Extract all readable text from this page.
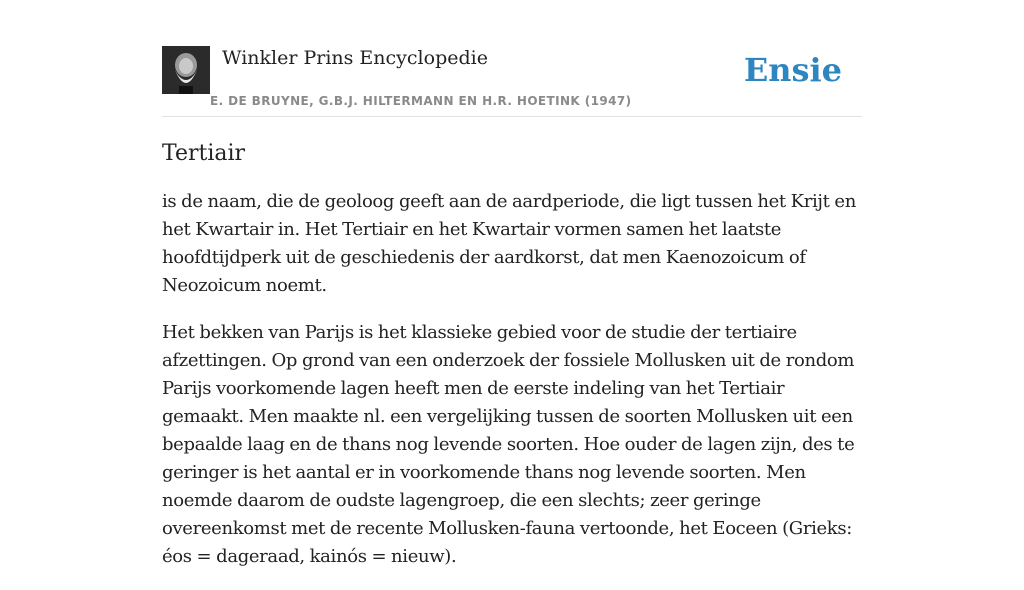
Winkler Prins Encyclopedie
E. DE BRUYNE, G.B.J. HILTERMANN EN H.R. HOETINK (1947)
Ensie
Tertiair

is de naam, die de geoloog geeft aan de aardperiode, die ligt tussen het Krijt en het Kwartair in. Het Tertiair en het Kwartair vormen samen het laatste hoofdtijdperk uit de geschiedenis der aardkorst, dat men Kaenozoicum of Neozoicum noemt.

Het bekken van Parijs is het klassieke gebied voor de studie der tertiaire afzettingen. Op grond van een onderzoek der fossiele Mollusken uit de rondom Parijs voorkomende lagen heeft men de eerste indeling van het Tertiair gemaakt. Men maakte nl. een vergelijking tussen de soorten Mollusken uit een bepaalde laag en de thans nog levende soorten. Hoe ouder de lagen zijn, des te geringer is het aantal er in voorkomende thans nog levende soorten. Men noemde daarom de oudste lagengroep, die een slechts; zeer geringe overeenkomst met de recente Mollusken-fauna vertoonde, het Eoceen (Grieks: éos = dageraad, kainós = nieuw).
